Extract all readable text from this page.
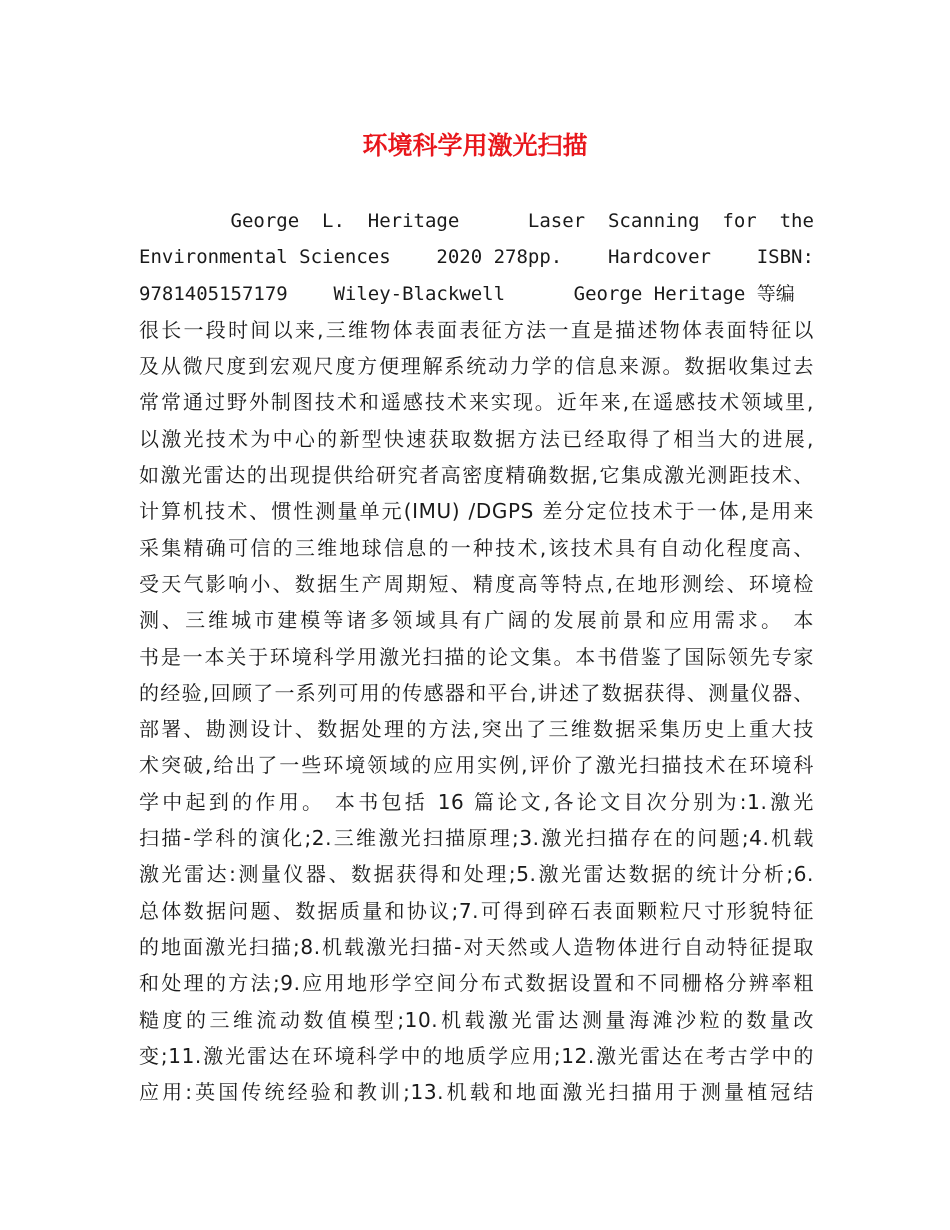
环境科学用激光扫描
George  L.  Heritage      Laser  Scanning  for  the
Environmental Sciences    2020 278pp.    Hardcover    ISBN:
9781405157179    Wiley-Blackwell      George Heritage 等编
很长一段时间以来,三维物体表面表征方法一直是描述物体表面特征以
及从微尺度到宏观尺度方便理解系统动力学的信息来源。数据收集过去
常常通过野外制图技术和遥感技术来实现。近年来,在遥感技术领域里,
以激光技术为中心的新型快速获取数据方法已经取得了相当大的进展,
如激光雷达的出现提供给研究者高密度精确数据,它集成激光测距技术、
计算机技术、惯性测量单元(IMU) /DGPS 差分定位技术于一体,是用来
采集精确可信的三维地球信息的一种技术,该技术具有自动化程度高、
受天气影响小、数据生产周期短、精度高等特点,在地形测绘、环境检
测、三维城市建模等诸多领域具有广阔的发展前景和应用需求。 本
书是一本关于环境科学用激光扫描的论文集。本书借鉴了国际领先专家
的经验,回顾了一系列可用的传感器和平台,讲述了数据获得、测量仪器、
部署、勘测设计、数据处理的方法,突出了三维数据采集历史上重大技
术突破,给出了一些环境领域的应用实例,评价了激光扫描技术在环境科
学中起到的作用。 本书包括 16 篇论文,各论文目次分别为:1.激光
扫描-学科的演化;2.三维激光扫描原理;3.激光扫描存在的问题;4.机载
激光雷达:测量仪器、数据获得和处理;5.激光雷达数据的统计分析;6.
总体数据问题、数据质量和协议;7.可得到碎石表面颗粒尺寸形貌特征
的地面激光扫描;8.机载激光扫描-对天然或人造物体进行自动特征提取
和处理的方法;9.应用地形学空间分布式数据设置和不同栅格分辨率粗
糙度的三维流动数值模型;10.机载激光雷达测量海滩沙粒的数量改
变;11.激光雷达在环境科学中的地质学应用;12.激光雷达在考古学中的
应用:英国传统经验和教训;13.机载和地面激光扫描用于测量植冠结
